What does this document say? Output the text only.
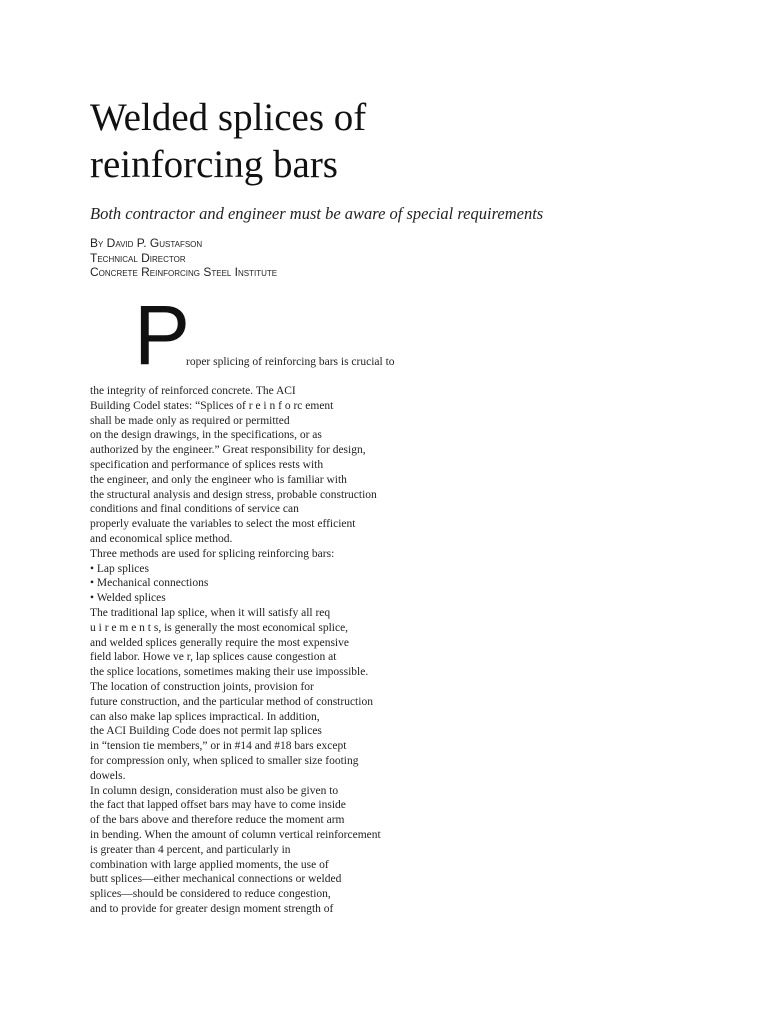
Welded splices of
reinforcing bars

Both contractor and engineer must be aware of special requirements

By David P. Gustafson
Technical Director
Concrete Reinforcing Steel Institute
P
roper splicing of reinforcing bars is crucial to
the integrity of reinforced concrete. The ACI
Building Codel states: “Splices of r e i n f o rc ement
shall be made only as required or permitted
on the design drawings, in the specifications, or as
authorized by the engineer.” Great responsibility for design,
specification and performance of splices rests with
the engineer, and only the engineer who is familiar with
the structural analysis and design stress, probable construction
conditions and final conditions of service can
properly evaluate the variables to select the most efficient
and economical splice method.
Three methods are used for splicing reinforcing bars:
• Lap splices
• Mechanical connections
• Welded splices
The traditional lap splice, when it will satisfy all req
u i r e m e n t s, is generally the most economical splice,
and welded splices generally require the most expensive
field labor. Howe ve r, lap splices cause congestion at
the splice locations, sometimes making their use impossible.
The location of construction joints, provision for
future construction, and the particular method of construction
can also make lap splices impractical. In addition,
the ACI Building Code does not permit lap splices
in “tension tie members,” or in #14 and #18 bars except
for compression only, when spliced to smaller size footing
dowels.
In column design, consideration must also be given to
the fact that lapped offset bars may have to come inside
of the bars above and therefore reduce the moment arm
in bending. When the amount of column vertical reinforcement
is greater than 4 percent, and particularly in
combination with large applied moments, the use of
butt splices—either mechanical connections or welded
splices—should be considered to reduce congestion,
and to provide for greater design moment strength of
